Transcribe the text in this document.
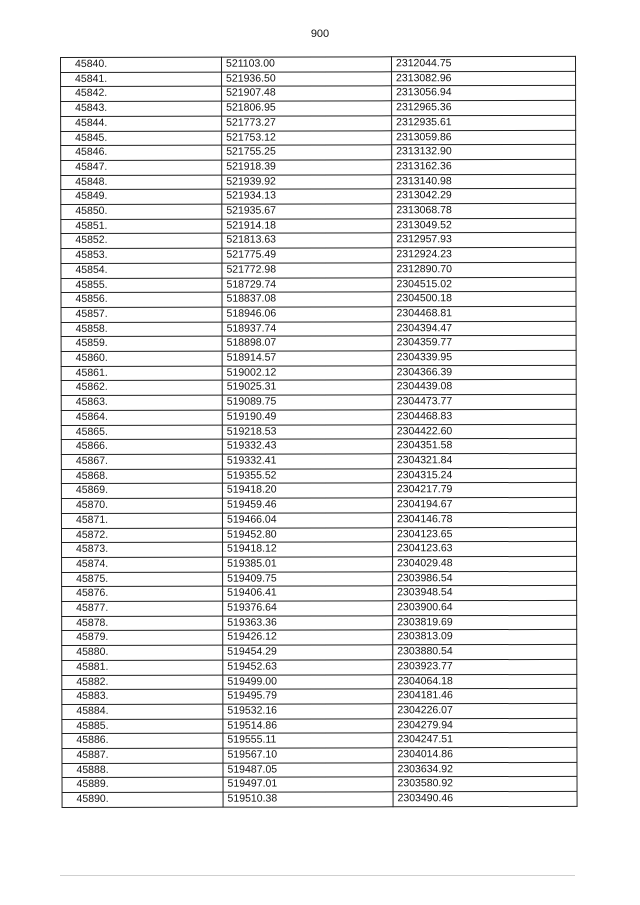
900
45840.	521103.00	2312044.75
45841.	521936.50	2313082.96
45842.	521907.48	2313056.94
45843.	521806.95	2312965.36
45844.	521773.27	2312935.61
45845.	521753.12	2313059.86
45846.	521755.25	2313132.90
45847.	521918.39	2313162.36
45848.	521939.92	2313140.98
45849.	521934.13	2313042.29
45850.	521935.67	2313068.78
45851.	521914.18	2313049.52
45852.	521813.63	2312957.93
45853.	521775.49	2312924.23
45854.	521772.98	2312890.70
45855.	518729.74	2304515.02
45856.	518837.08	2304500.18
45857.	518946.06	2304468.81
45858.	518937.74	2304394.47
45859.	518898.07	2304359.77
45860.	518914.57	2304339.95
45861.	519002.12	2304366.39
45862.	519025.31	2304439.08
45863.	519089.75	2304473.77
45864.	519190.49	2304468.83
45865.	519218.53	2304422.60
45866.	519332.43	2304351.58
45867.	519332.41	2304321.84
45868.	519355.52	2304315.24
45869.	519418.20	2304217.79
45870.	519459.46	2304194.67
45871.	519466.04	2304146.78
45872.	519452.80	2304123.65
45873.	519418.12	2304123.63
45874.	519385.01	2304029.48
45875.	519409.75	2303986.54
45876.	519406.41	2303948.54
45877.	519376.64	2303900.64
45878.	519363.36	2303819.69
45879.	519426.12	2303813.09
45880.	519454.29	2303880.54
45881.	519452.63	2303923.77
45882.	519499.00	2304064.18
45883.	519495.79	2304181.46
45884.	519532.16	2304226.07
45885.	519514.86	2304279.94
45886.	519555.11	2304247.51
45887.	519567.10	2304014.86
45888.	519487.05	2303634.92
45889.	519497.01	2303580.92
45890.	519510.38	2303490.46
